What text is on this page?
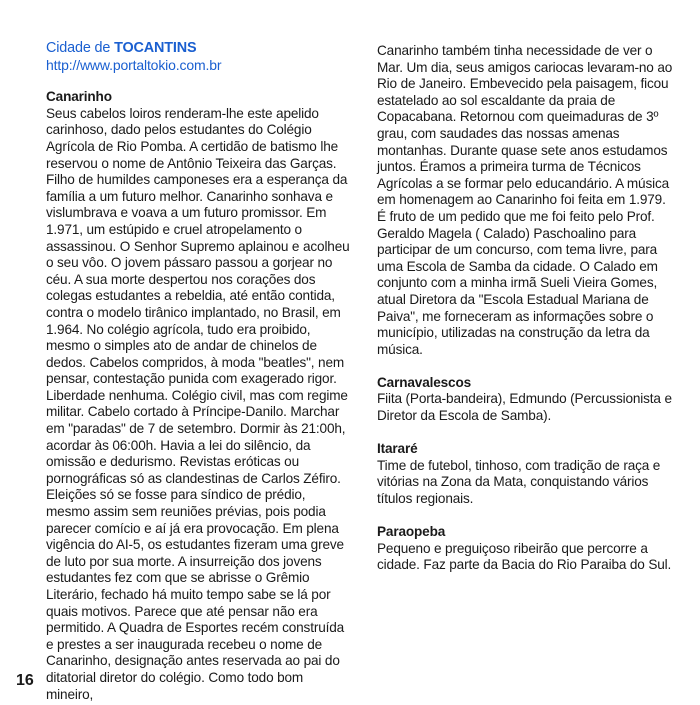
Cidade de TOCANTINS

http://www.portaltokio.com.br

Canarinho

Seus cabelos loiros renderam-lhe este apelido carinhoso, dado pelos estudantes do Colégio Agrícola de Rio Pomba. A certidão de batismo lhe reservou o nome de Antônio Teixeira das Garças. Filho de humildes camponeses era a esperança da família a um futuro melhor. Canarinho sonhava e vislumbrava e voava a um futuro promissor. Em 1.971, um estúpido e cruel atropelamento o assassinou. O Senhor Supremo aplainou e acolheu o seu vôo. O jovem pássaro passou a gorjear no céu. A sua morte despertou nos corações dos colegas estudantes a rebeldia, até então contida, contra o modelo tirânico implantado, no Brasil, em 1.964. No colégio agrícola, tudo era proibido, mesmo o simples ato de andar de chinelos de dedos. Cabelos compridos, à moda "beatles", nem pensar, contestação punida com exagerado rigor. Liberdade nenhuma. Colégio civil, mas com regime militar. Cabelo cortado à Príncipe-Danilo. Marchar em "paradas" de 7 de setembro. Dormir às 21:00h, acordar às 06:00h. Havia a lei do silêncio, da omissão e dedurismo. Revistas eróticas ou pornográficas só as clandestinas de Carlos Zéfiro. Eleições só se fosse para síndico de prédio, mesmo assim sem reuniões prévias, pois podia parecer comício e aí já era provocação. Em plena vigência do AI-5, os estudantes fizeram uma greve de luto por sua morte. A insurreição dos jovens estudantes fez com que se abrisse o Grêmio Literário, fechado há muito tempo sabe se lá por quais motivos. Parece que até pensar não era permitido. A Quadra de Esportes recém construída e prestes a ser inaugurada recebeu o nome de Canarinho, designação antes reservada ao pai do ditatorial diretor do colégio. Como todo bom mineiro,

Canarinho também tinha necessidade de ver o Mar. Um dia, seus amigos cariocas levaram-no ao Rio de Janeiro. Embevecido pela paisagem, ficou estatelado ao sol escaldante da praia de Copacabana. Retornou com queimaduras de 3º grau, com saudades das nossas amenas montanhas. Durante quase sete anos estudamos juntos. Éramos a primeira turma de Técnicos Agrícolas a se formar pelo educandário. A música em homenagem ao Canarinho foi feita em 1.979. É fruto de um pedido que me foi feito pelo Prof. Geraldo Magela ( Calado) Paschoalino para participar de um concurso, com tema livre, para uma Escola de Samba da cidade. O Calado em conjunto com a minha irmã Sueli Vieira Gomes, atual Diretora da "Escola Estadual Mariana de Paiva", me forneceram as informações sobre o município, utilizadas na construção da letra da música.

Carnavalescos

Fiita (Porta-bandeira), Edmundo (Percussionista e Diretor da Escola de Samba).

Itararé

Time de futebol, tinhoso, com tradição de raça e vitórias na Zona da Mata, conquistando vários títulos regionais.

Paraopeba

Pequeno e preguiçoso ribeirão que percorre a cidade. Faz parte da Bacia do Rio Paraiba do Sul.

16
